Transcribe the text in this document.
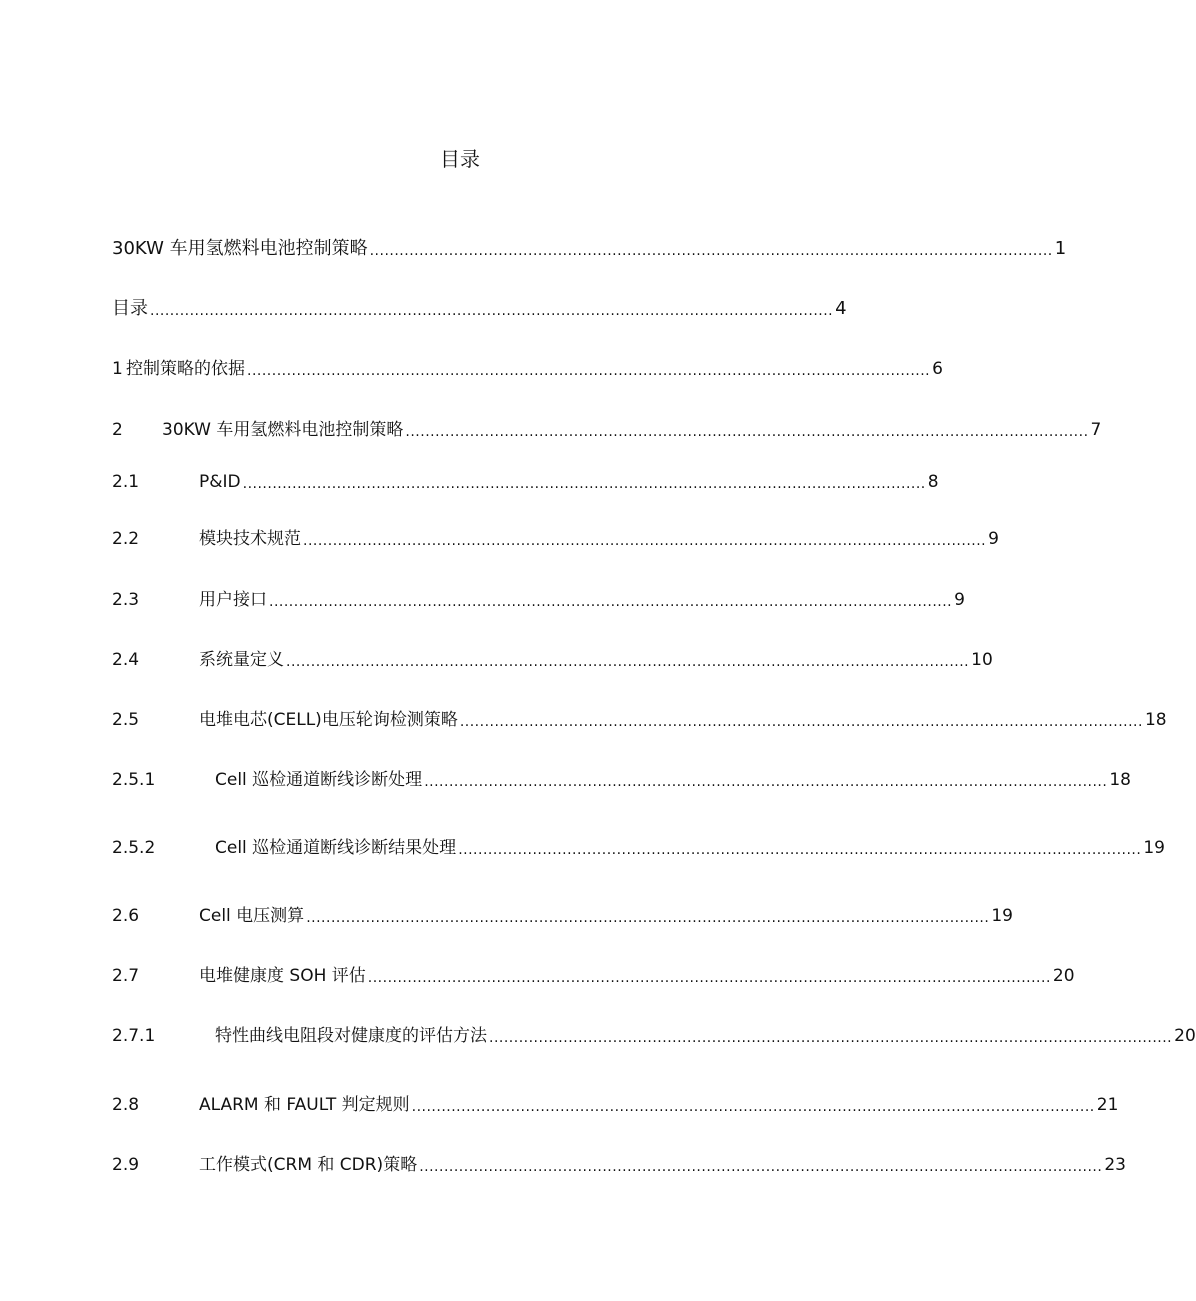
目录
30KW 车用氢燃料电池控制策略 .......................................................................................................................................... 1
目录 .......................................................................................................................................... 4
1 控制策略的依据 .......................................................................................................................................... 6
2	30KW 车用氢燃料电池控制策略 .......................................................................................................................................... 7
2.1	P&ID .......................................................................................................................................... 8
2.2	模块技术规范 .......................................................................................................................................... 9
2.3	用户接口 .......................................................................................................................................... 9
2.4	系统量定义 .......................................................................................................................................... 10
2.5	电堆电芯(CELL)电压轮询检测策略 .......................................................................................................................................... 18
2.5.1	Cell 巡检通道断线诊断处理 .......................................................................................................................................... 18
2.5.2	Cell 巡检通道断线诊断结果处理 .......................................................................................................................................... 19
2.6	Cell 电压测算 .......................................................................................................................................... 19
2.7	电堆健康度 SOH 评估 .......................................................................................................................................... 20
2.7.1	特性曲线电阻段对健康度的评估方法 .......................................................................................................................................... 20
2.8	ALARM 和 FAULT 判定规则 .......................................................................................................................................... 21
2.9	工作模式(CRM 和 CDR)策略 .......................................................................................................................................... 23
